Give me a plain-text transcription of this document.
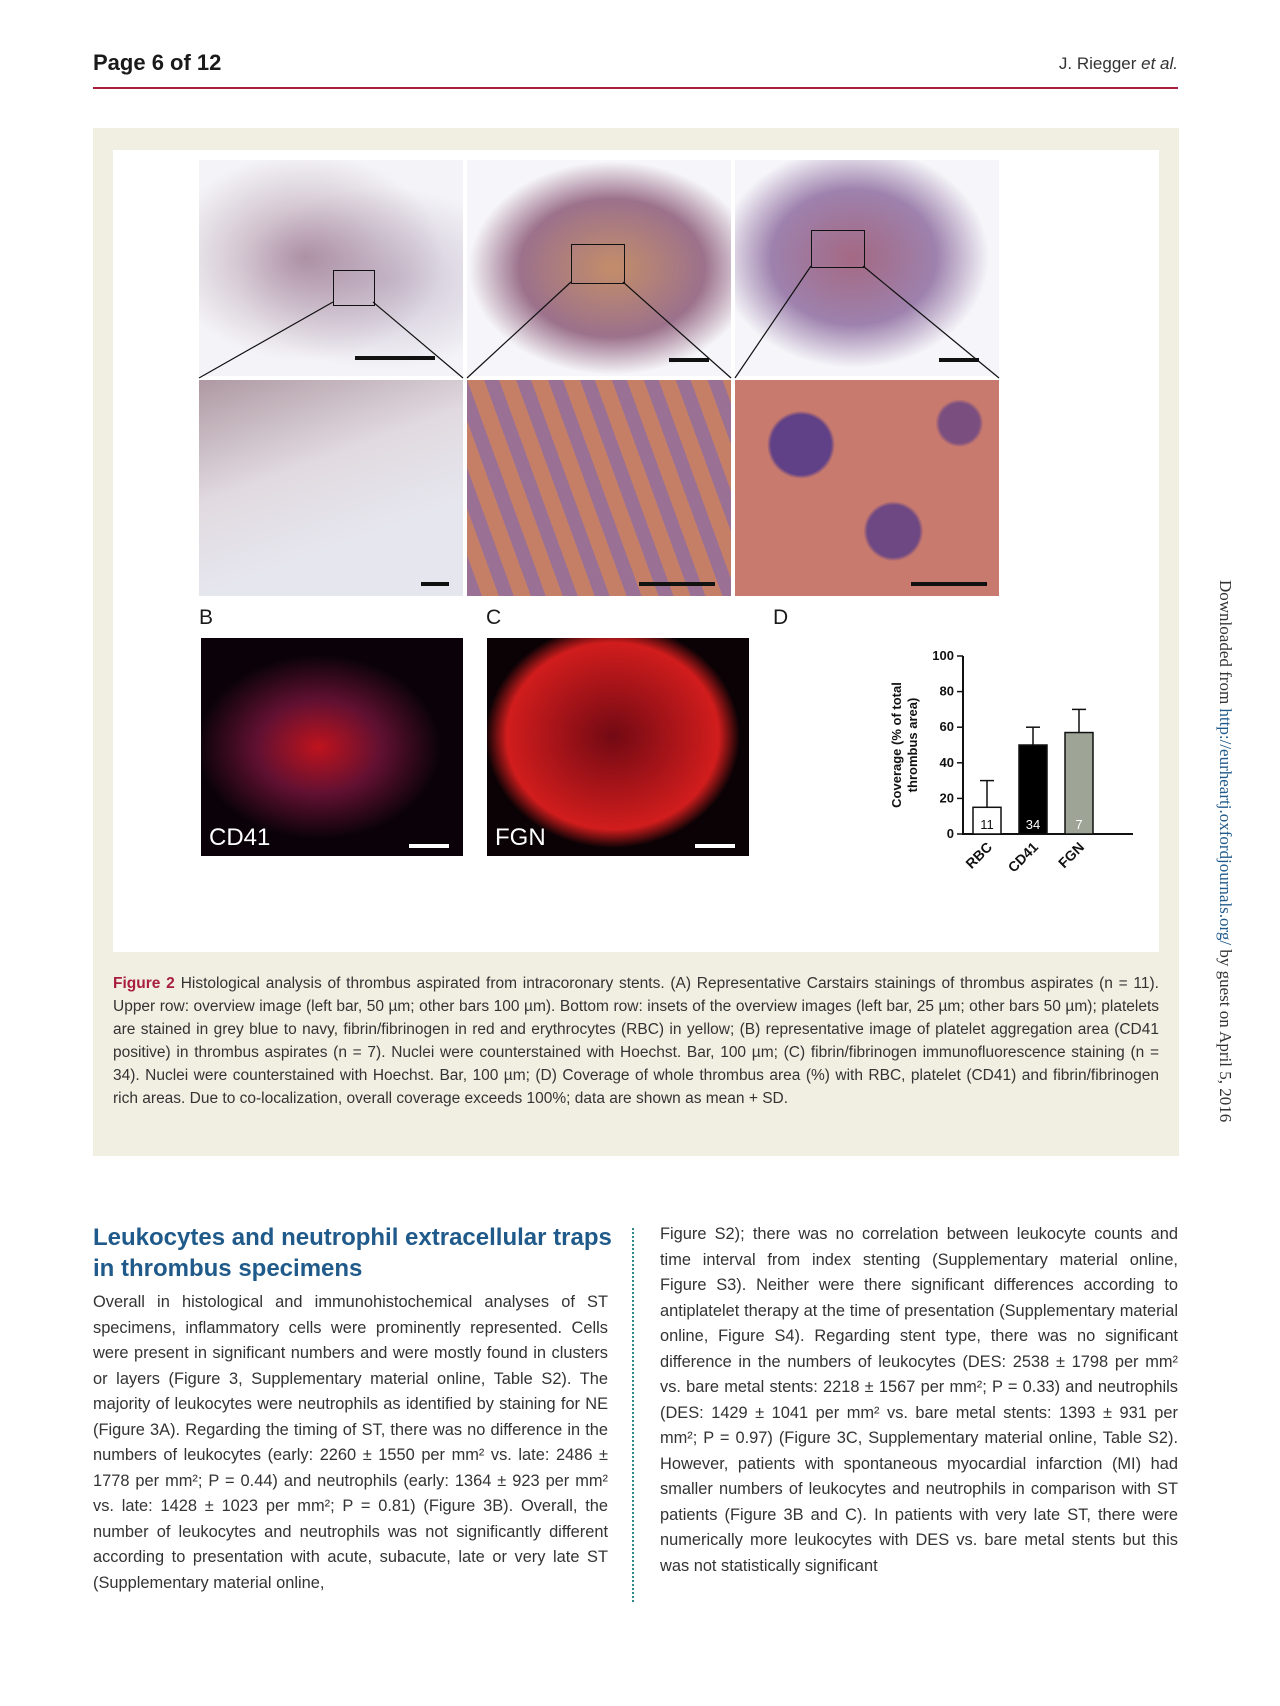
Page 6 of 12	J. Riegger et al.
B	C	D
CD41	FGN	0
20
40
60
80
100
Coverage (% of totalthrombus area)
11
RBC
34
CD41
7
FGN
Figure 2 Histological analysis of thrombus aspirated from intracoronary stents. (A) Representative Carstairs stainings of thrombus aspirates (n = 11). Upper row: overview image (left bar, 50 µm; other bars 100 µm). Bottom row: insets of the overview images (left bar, 25 µm; other bars 50 µm); platelets are stained in grey blue to navy, fibrin/fibrinogen in red and erythrocytes (RBC) in yellow; (B) representative image of platelet aggregation area (CD41 positive) in thrombus aspirates (n = 7). Nuclei were counterstained with Hoechst. Bar, 100 µm; (C) fibrin/fibrinogen immunofluorescence staining (n = 34). Nuclei were counterstained with Hoechst. Bar, 100 µm; (D) Coverage of whole thrombus area (%) with RBC, platelet (CD41) and fibrin/fibrinogen rich areas. Due to co-localization, overall coverage exceeds 100%; data are shown as mean + SD.
Leukocytes and neutrophil extracellular traps in thrombus specimens
Overall in histological and immunohistochemical analyses of ST specimens, inflammatory cells were prominently represented. Cells were present in significant numbers and were mostly found in clusters or layers (Figure 3, Supplementary material online, Table S2). The majority of leukocytes were neutrophils as identified by staining for NE (Figure 3A). Regarding the timing of ST, there was no difference in the numbers of leukocytes (early: 2260 ± 1550 per mm² vs. late: 2486 ± 1778 per mm²; P = 0.44) and neutrophils (early: 1364 ± 923 per mm² vs. late: 1428 ± 1023 per mm²; P = 0.81) (Figure 3B). Overall, the number of leukocytes and neutrophils was not significantly different according to presentation with acute, subacute, late or very late ST (Supplementary material online,
Figure S2); there was no correlation between leukocyte counts and time interval from index stenting (Supplementary material online, Figure S3). Neither were there significant differences according to antiplatelet therapy at the time of presentation (Supplementary material online, Figure S4). Regarding stent type, there was no significant difference in the numbers of leukocytes (DES: 2538 ± 1798 per mm² vs. bare metal stents: 2218 ± 1567 per mm²; P = 0.33) and neutrophils (DES: 1429 ± 1041 per mm² vs. bare metal stents: 1393 ± 931 per mm²; P = 0.97) (Figure 3C, Supplementary material online, Table S2). However, patients with spontaneous myocardial infarction (MI) had smaller numbers of leukocytes and neutrophils in comparison with ST patients (Figure 3B and C). In patients with very late ST, there were numerically more leukocytes with DES vs. bare metal stents but this was not statistically significant
Downloaded from http://eurheartj.oxfordjournals.org/ by guest on April 5, 2016
